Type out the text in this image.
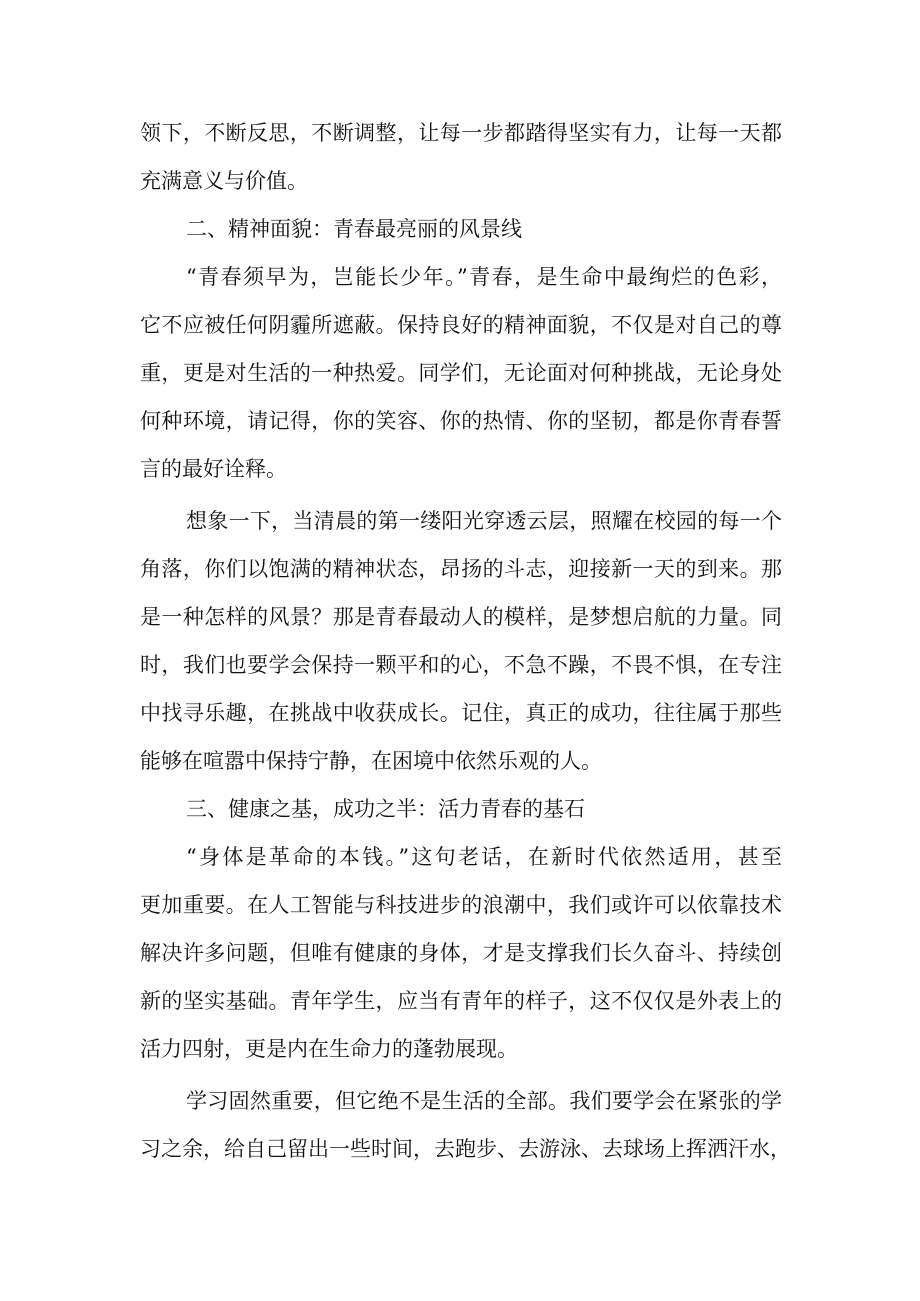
领下，不断反思，不断调整，让每一步都踏得坚实有力，让每一天都
充满意义与价值。
二、精神面貌：青春最亮丽的风景线
“青春须早为，岂能长少年。”青春，是生命中最绚烂的色彩，
它不应被任何阴霾所遮蔽。保持良好的精神面貌，不仅是对自己的尊
重，更是对生活的一种热爱。同学们，无论面对何种挑战，无论身处
何种环境，请记得，你的笑容、你的热情、你的坚韧，都是你青春誓
言的最好诠释。
想象一下，当清晨的第一缕阳光穿透云层，照耀在校园的每一个
角落，你们以饱满的精神状态，昂扬的斗志，迎接新一天的到来。那
是一种怎样的风景？那是青春最动人的模样，是梦想启航的力量。同
时，我们也要学会保持一颗平和的心，不急不躁，不畏不惧，在专注
中找寻乐趣，在挑战中收获成长。记住，真正的成功，往往属于那些
能够在喧嚣中保持宁静，在困境中依然乐观的人。
三、健康之基，成功之半：活力青春的基石
“身体是革命的本钱。”这句老话，在新时代依然适用，甚至
更加重要。在人工智能与科技进步的浪潮中，我们或许可以依靠技术
解决许多问题，但唯有健康的身体，才是支撑我们长久奋斗、持续创
新的坚实基础。青年学生，应当有青年的样子，这不仅仅是外表上的
活力四射，更是内在生命力的蓬勃展现。
学习固然重要，但它绝不是生活的全部。我们要学会在紧张的学
习之余，给自己留出一些时间，去跑步、去游泳、去球场上挥洒汗水，
